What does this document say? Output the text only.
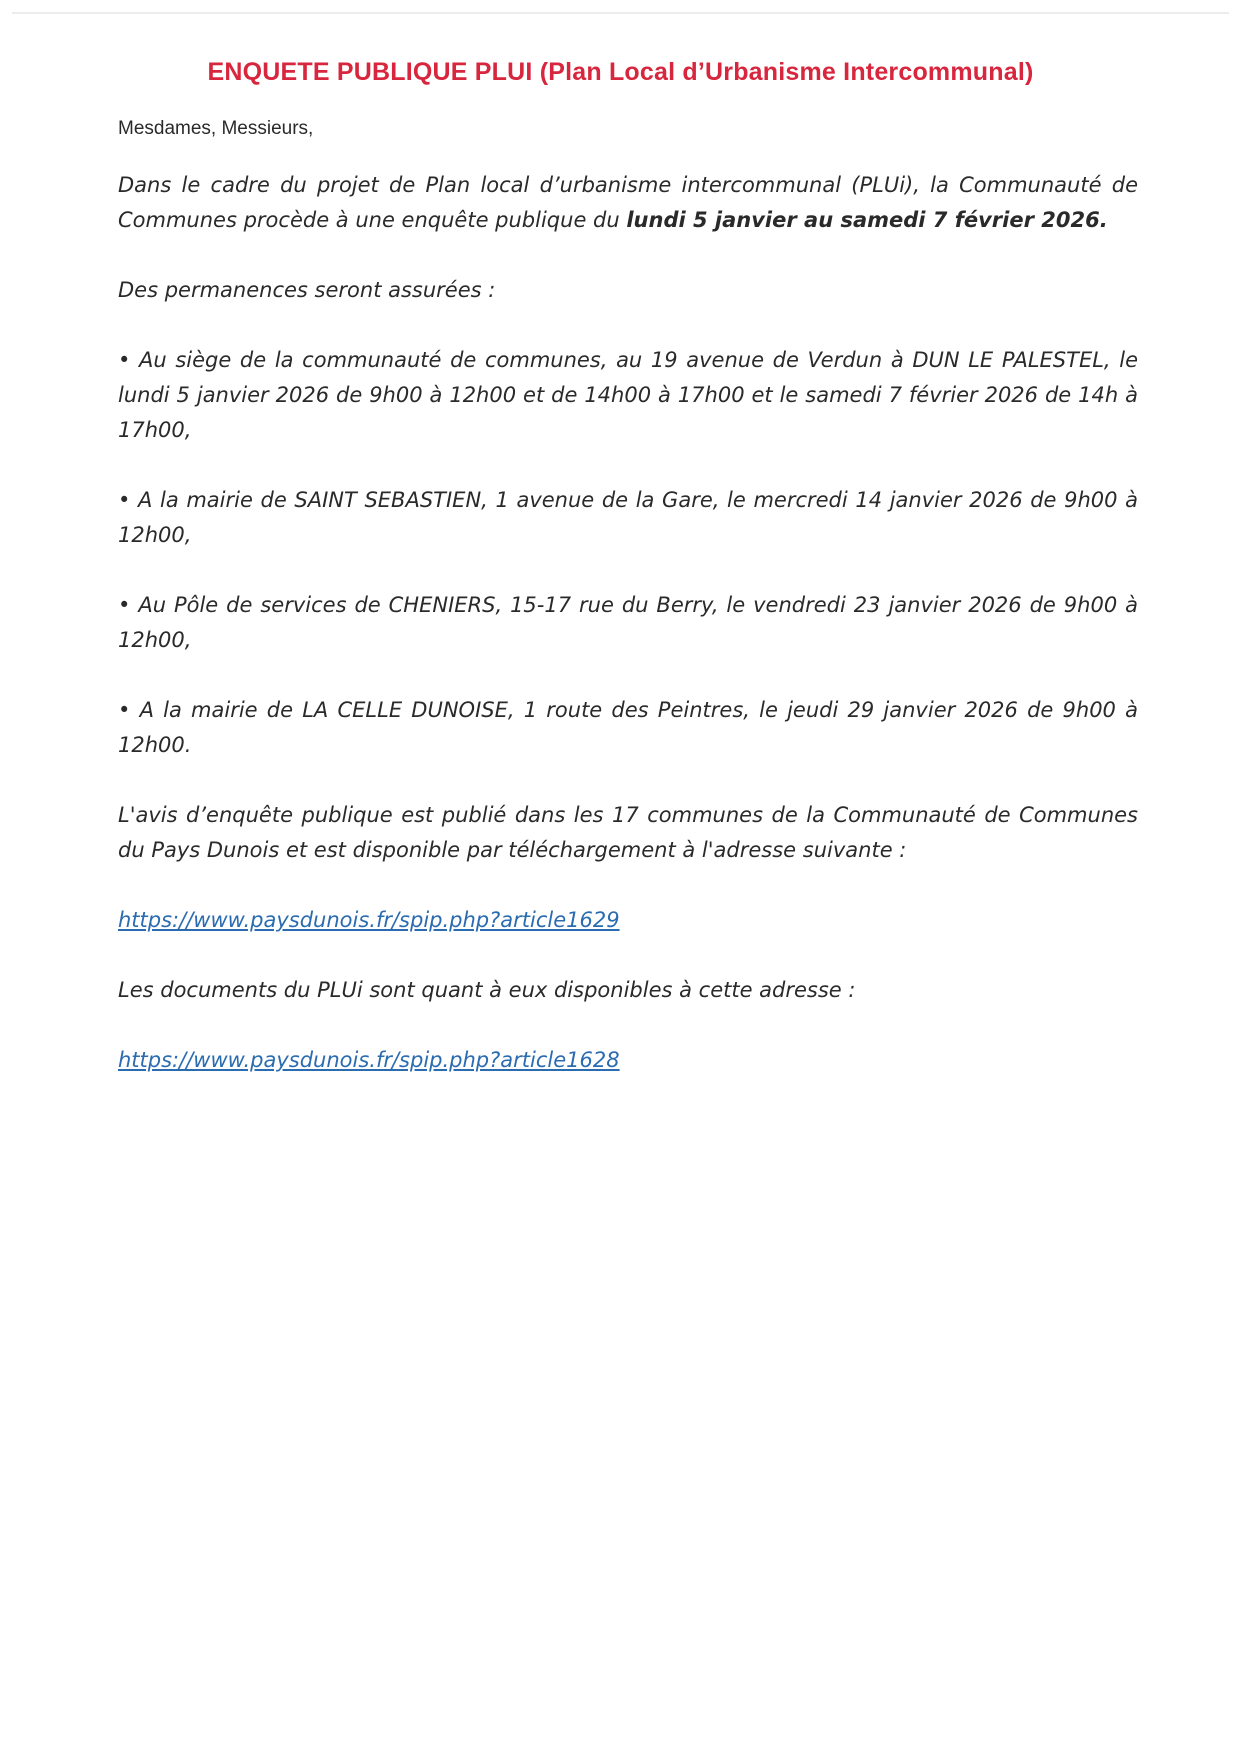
ENQUETE PUBLIQUE PLUI (Plan Local d’Urbanisme Intercommunal)
Mesdames, Messieurs,

Dans le cadre du projet de Plan local d’urbanisme intercommunal (PLUi), la Communauté de Communes procède à une enquête publique du lundi 5 janvier au samedi 7 février 2026.

Des permanences seront assurées :

• Au siège de la communauté de communes, au 19 avenue de Verdun à DUN LE PALESTEL, le lundi 5 janvier 2026 de 9h00 à 12h00 et de 14h00 à 17h00 et le samedi 7 février 2026 de 14h à 17h00,

• A la mairie de SAINT SEBASTIEN, 1 avenue de la Gare, le mercredi 14 janvier 2026 de 9h00 à 12h00,

• Au Pôle de services de CHENIERS, 15-17 rue du Berry, le vendredi 23 janvier 2026 de 9h00 à 12h00,

• A la mairie de LA CELLE DUNOISE, 1 route des Peintres, le jeudi 29 janvier 2026 de 9h00 à 12h00.

L'avis d’enquête publique est publié dans les 17 communes de la Communauté de Communes du Pays Dunois et est disponible par téléchargement à l'adresse suivante :

https://www.paysdunois.fr/spip.php?article1629

Les documents du PLUi sont quant à eux disponibles à cette adresse :

https://www.paysdunois.fr/spip.php?article1628
